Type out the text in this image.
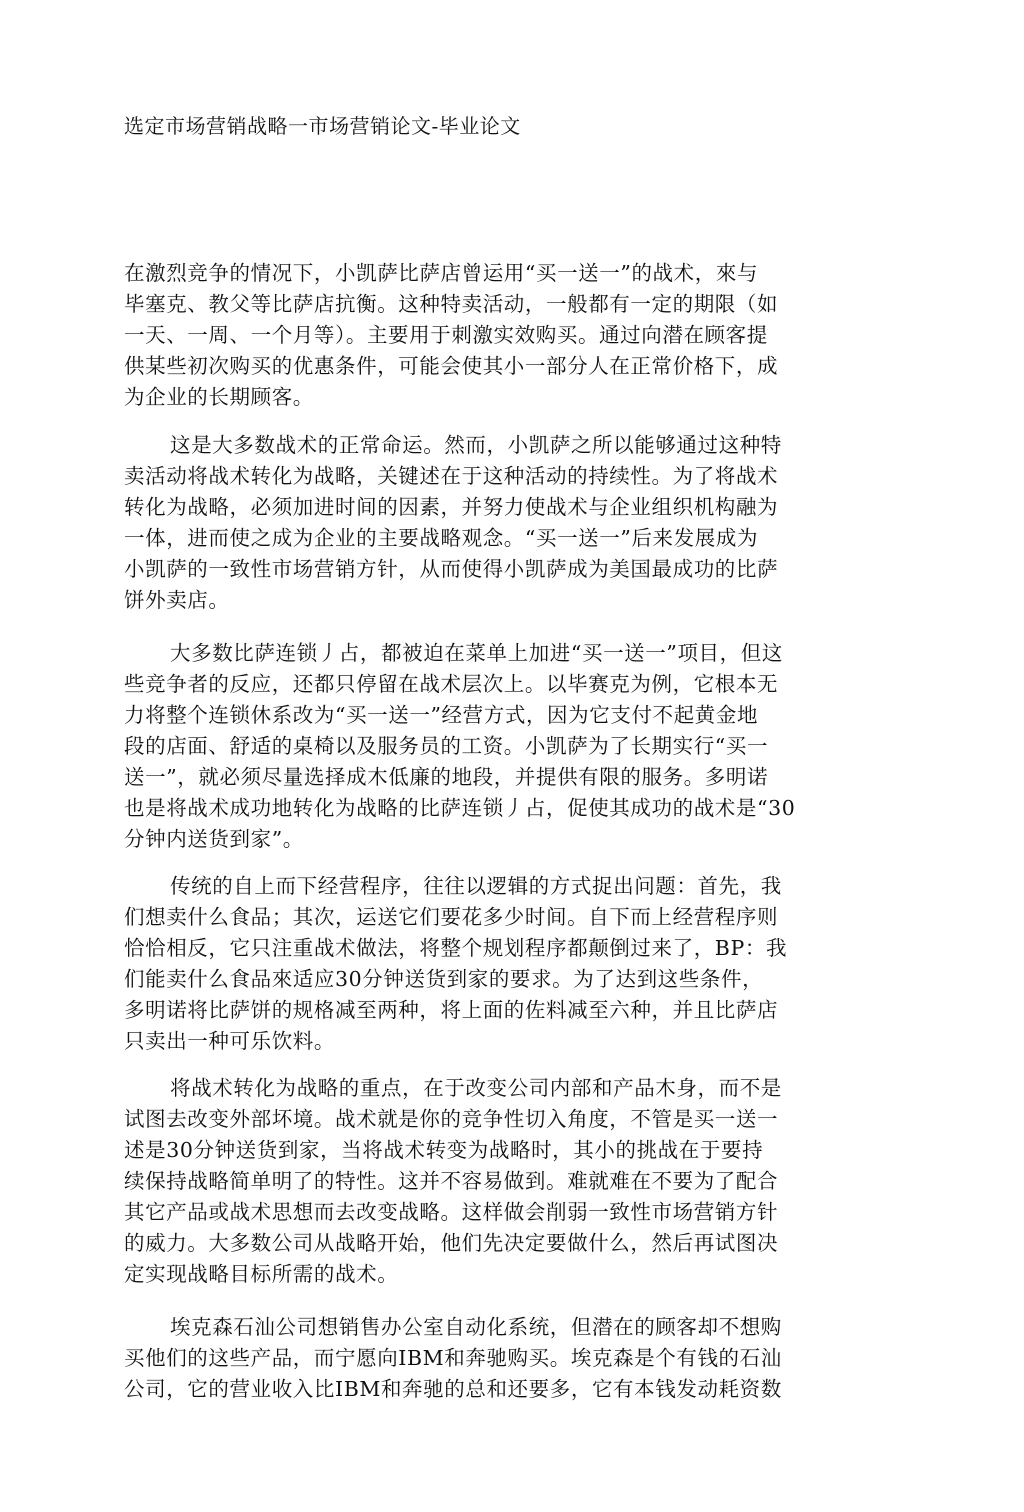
选定市场营销战略一市场营销论文-毕业论文
在激烈竞争的情况下，小凯萨比萨店曾运用“买一送一”的战术，來与
毕塞克、教父等比萨店抗衡。这种特卖活动，一般都有一定的期限（如
一天、一周、一个月等）。主要用于刺激实效购买。通过向潜在顾客提
供某些初次购买的优惠条件，可能会使其小一部分人在正常价格下，成
为企业的长期顾客。
这是大多数战术的正常命运。然而，小凯萨之所以能够通过这种特
卖活动将战术转化为战略，关键述在于这种活动的持续性。为了将战术
转化为战略，必须加进时间的因素，并努力使战术与企业组织机构融为
一体，进而使之成为企业的主要战略观念。“买一送一”后来发展成为
小凯萨的一致性市场营销方针，从而使得小凯萨成为美国最成功的比萨
饼外卖店。
大多数比萨连锁丿占，都被迫在菜单上加进“买一送一”项目，但这
些竞争者的反应，还都只停留在战术层次上。以毕赛克为例，它根本无
力将整个连锁休系改为“买一送一”经营方式，因为它支付不起黄金地
段的店面、舒适的桌椅以及服务员的工资。小凯萨为了长期实行“买一
送一”，就必须尽量选择成木低廉的地段，并提供有限的服务。多明诺
也是将战术成功地转化为战略的比萨连锁丿占，促使其成功的战术是“30
分钟内送货到家”。
传统的自上而下经营程序，往往以逻辑的方式捉出问题：首先，我
们想卖什么食品；其次，运送它们要花多少时间。自下而上经营程序则
恰恰相反，它只注重战术做法，将整个规划程序都颠倒过来了，BP：我
们能卖什么食品來适应30分钟送货到家的要求。为了达到这些条件，
多明诺将比萨饼的规格减至两种，将上面的佐料减至六种，并且比萨店
只卖出一种可乐饮料。
将战术转化为战略的重点，在于改变公司内部和产品木身，而不是
试图去改变外部坏境。战术就是你的竞争性切入角度，不管是买一送一
述是30分钟送货到家，当将战术转变为战略时，其小的挑战在于要持
续保持战略简单明了的特性。这并不容易做到。难就难在不要为了配合
其它产品或战术思想而去改变战略。这样做会削弱一致性市场营销方针
的威力。大多数公司从战略开始，他们先决定要做什么，然后再试图决
定实现战略目标所需的战术。
埃克森石汕公司想销售办公室自动化系统，但潜在的顾客却不想购
买他们的这些产品，而宁愿向IBM和奔驰购买。埃克森是个有钱的石汕
公司，它的营业收入比IBM和奔驰的总和还要多，它有本钱发动耗资数
